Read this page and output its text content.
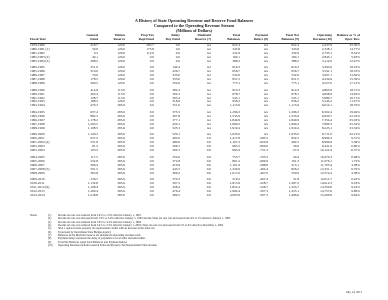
A History of State Operating Revenue and Reserve Fund Balances
Compared to the Operating Revenue Stream
(Millions of Dollars)
	General	Tuition	Prop Tax	Rainy	Medicaid	Total	Payment	Total Net	Operating	Balance as % of
Fiscal Year	Fund	Reserve	Repl Fund	Day Fund	Reserve (7)	Balances	Delays (8)	Balances (9)	Revenue (10)	Oper. Rev.
1979-1980	218.7	120.0	283.7	0.0	n/a	622.4	n/a	622.4	2,437.9	25.50%
1980-1981 (1)	50.0	120.0	173.8	0.0	n/a	343.8	n/a	343.8	2,328.1	14.77%
1981-1982	0.3	120.0	112.6	0.0	n/a	232.9	n/a	232.9	2,733.1	8.52%
1982-1983 (2)	40.1	120.0	0.0	0.0	n/a	160.1	n/a	160.1	2,845.1	5.63%
1983-1984 (3)	268.2	120.0	0.0	0.0	n/a	388.2	n/a	388.2	3,114.0	12.47%

1984-1985	351.9	120.0	0.0	144.4	n/a	616.3	n/a	616.3	3,393.0	18.16%
1985-1986	310.0	120.0	0.0	226.7	n/a	656.7	n/a	656.7	3,541.1	18.55%
1986-1987	79.0	120.0	0.0	333.0	n/a	532.0	n/a	532.0	3,907.1	13.62%
1987-1988	178.5	120.0	0.0	353.0	n/a	651.5	n/a	651.5	4,234.6	15.39%
1988-1989	300.5	120.0	0.0	354.6	n/a	775.1	n/a	775.1	4,527.0	17.12%

1989-1990	414.9	113.0	0.0	382.4	n/a	910.3	n/a	910.3	4,865.6	18.71%
1990-1991	263.4	113.0	0.0	302.3	n/a	678.7	n/a	678.7	4,828.9	14.05%
1991-1992	128.7	113.0	0.0	303.4	n/a	545.1	n/a	545.1	5,089.7	10.71%
1992-1993	188.3	129.0	0.0	318.9	n/a	636.2	n/a	636.2	5,545.2	11.47%
1993-1994	479.3	285.6	0.0	351.0	n/a	1,115.9	n/a	1,115.9	6,014.1	18.55%

1994-1995	637.4	285.6	0.0	373.3	n/a	1,296.3	n/a	1,296.3	6,502.4	19.94%
1995-1996	882.5	285.6	0.0	367.8	n/a	1,535.9	n/a	1,535.9	6,920.7	22.19%
1996-1997	1,178.2	285.6	0.0	377.1	n/a	1,840.9	n/a	1,840.9	7,354.4	25.03%
1997-1998	1,263.5	285.6	0.0	450.1	n/a	1,999.2	n/a	1,999.2	7,890.3	25.34%
1998-1999	1,108.5	285.6	0.0	525.3	n/a	1,919.4	n/a	1,919.4	8,223.1	23.34%

1999-2000	1,120.3	285.6	0.0	529.1	n/a	1,935.0	n/a	1,935.0	8,711.0	22.21%
2000-2001	637.2	285.6	0.0	493.0	2.0	1,417.8	-583.5	834.3	8,960.3	9.31%
2001-2002 (4)	331.8	285.6	0.0	489.9	0.0	1,107.3	-624.8	482.5	8,969.6	5.38%
2002-2003	81.2	285.6	0.0	296.7	0.0	663.5	-606.6	56.9	9,441.6	0.60%
2003-2004	105.5	285.6	0.0	302.3	0.0	693.4	-731.3	-37.9	10,122.4	-0.37%

2004-2005	117.5	285.6	0.0	352.6	0.0	755.7	-705.3	50.4	10,470.3	0.48%
2005-2006	232.8	285.6	0.0	372.8	0.0	891.2	-699.9	191.3	11,076.1	1.73%
2006-2007	396.4	285.6	0.0	419.9	0.0	1,101.9	-588.8	513.1	11,703.4	4.38%
2007-2008 (5)	591.5	285.6	0.0	443.5	0.0	1,320.6	-494.4	826.2	12,331.1	6.70%
2008-2009	365.8	285.6	0.0	366.2	0.0	1,017.6	-467.0	550.6	12,574.4	4.38%

2009-2010	-136.7	285.6	0.0	370.3	0.0	519.2	-467.4	51.8	12,011.7	0.43%
2010-2011	1,132.8	285.6	0.0	397.5	0.0	1,815.9	-528.7	1,287.2	14,014.3	9.18%
2011-2012 (6)	1,108.4	285.6	0.0	458.4	0.0	1,852.4	-528.7	1,323.7	14,359.6	9.22%
2012-2013	1,200.4	285.6	0.0	476.4	0.0	1,962.4	-507.3	1,455.1	14,757.6	9.86%
2013-2014	1,218.8	285.6	0.0	499.5	0.0	2,003.9	-507.3	1,496.6	15,209.8	9.84%
Notes:	(1)	Income tax rate was reduced from 2.0% to 1.9% effective January 1, 1981
(2)	Income tax rate was increased from 1.9% to 3.0% effective January 1, 1983 and the Sales tax rate was increased from 4% to 5% effective January 1, 1983
(3)	Income tax rate was reduced from 3.0% to 3.4% effective January 1, 1984
(4)	Income tax rate was reduced from 3.4% to 3.3% effective January 1, 2002; Sales tax rate was increased from 5% to 6% effective December 1, 2002
(5)	SEA 1 replaced state property tax replacement credits with an increase in the Sales tax
(6)	Forecasted by the Indiana State Budget Agency
(7)	Balances in the Medicaid reserve are included in Operating revenue totals
(8)	Payment delays represent the delay of payments to local units and universities
(9)	Total Net Balances equal Total Balances less Payment Delays
(10)	Operating Revenue includes General Fund and Property Tax Replacement Fund revenue
July 14, 2011
